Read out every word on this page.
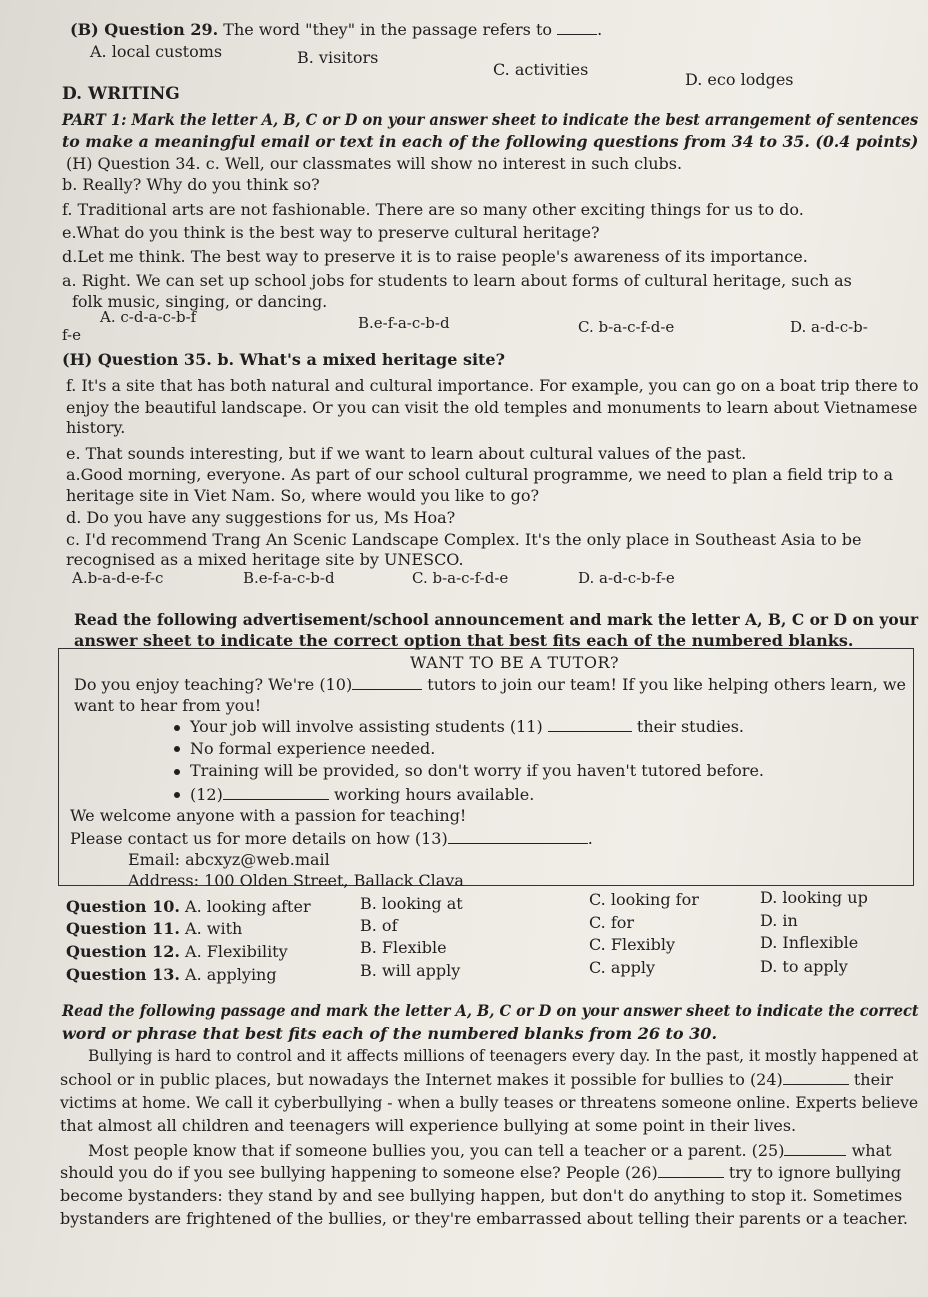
(B) Question 29. The word "they" in the passage refers to	.
A. local customs	B. visitors
C. activities
D. eco lodges
D. WRITING
PART 1: Mark the letter A, B, C or D on your answer sheet to indicate the best arrangement of sentences
to make a meaningful email or text in each of the following questions from 34 to 35. (0.4 points)
(H) Question 34. c. Well, our classmates will show no interest in such clubs.
b. Really? Why do you think so?
f. Traditional arts are not fashionable. There are so many other exciting things for us to do.
e.What do you think is the best way to preserve cultural heritage?
d.Let me think. The best way to preserve it is to raise people's awareness of its importance.
a. Right. We can set up school jobs for students to learn about forms of cultural heritage, such as
folk music, singing, or dancing.
A. c-d-a-c-b-f	B.e-f-a-c-b-d	C. b-a-c-f-d-e	D. a-d-c-b-
f-e
(H) Question 35. b. What's a mixed heritage site?
f. It's a site that has both natural and cultural importance. For example, you can go on a boat trip there to
enjoy the beautiful landscape. Or you can visit the old temples and monuments to learn about Vietnamese
history.
e. That sounds interesting, but if we want to learn about cultural values of the past.
a.Good morning, everyone. As part of our school cultural programme, we need to plan a field trip to a
heritage site in Viet Nam. So, where would you like to go?
d. Do you have any suggestions for us, Ms Hoa?
c. I'd recommend Trang An Scenic Landscape Complex. It's the only place in Southeast Asia to be
recognised as a mixed heritage site by UNESCO.
A.b-a-d-e-f-c	B.e-f-a-c-b-d	C. b-a-c-f-d-e	D. a-d-c-b-f-e
Read the following advertisement/school announcement and mark the letter A, B, C or D on your
answer sheet to indicate the correct option that best fits each of the numbered blanks.
WANT TO BE A TUTOR?
Do you enjoy teaching? We're (10)	tutors to join our team! If you like helping others learn, we
want to hear from you!
Your job will involve assisting students (11)	their studies.
No formal experience needed.
Training will be provided, so don't worry if you haven't tutored before.
(12)	working hours available.
We welcome anyone with a passion for teaching!
Please contact us for more details on how (13)	.
Email: abcxyz@web.mail
Address: 100 Olden Street, Ballack Clava
Question 10. A. looking after	B. looking at	C. looking for	D. looking up
Question 11. A. with	B. of	C. for	D. in
Question 12. A. Flexibility	B. Flexible	C. Flexibly	D. Inflexible
Question 13. A. applying	B. will apply	C. apply	D. to apply
Read the following passage and mark the letter A, B, C or D on your answer sheet to indicate the correct
word or phrase that best fits each of the numbered blanks from 26 to 30.
Bullying is hard to control and it affects millions of teenagers every day. In the past, it mostly happened at
school or in public places, but nowadays the Internet makes it possible for bullies to (24)	their
victims at home. We call it cyberbullying - when a bully teases or threatens someone online. Experts believe
that almost all children and teenagers will experience bullying at some point in their lives.
Most people know that if someone bullies you, you can tell a teacher or a parent. (25)	what
should you do if you see bullying happening to someone else? People (26)	try to ignore bullying
become bystanders: they stand by and see bullying happen, but don't do anything to stop it. Sometimes
bystanders are frightened of the bullies, or they're embarrassed about telling their parents or a teacher.
